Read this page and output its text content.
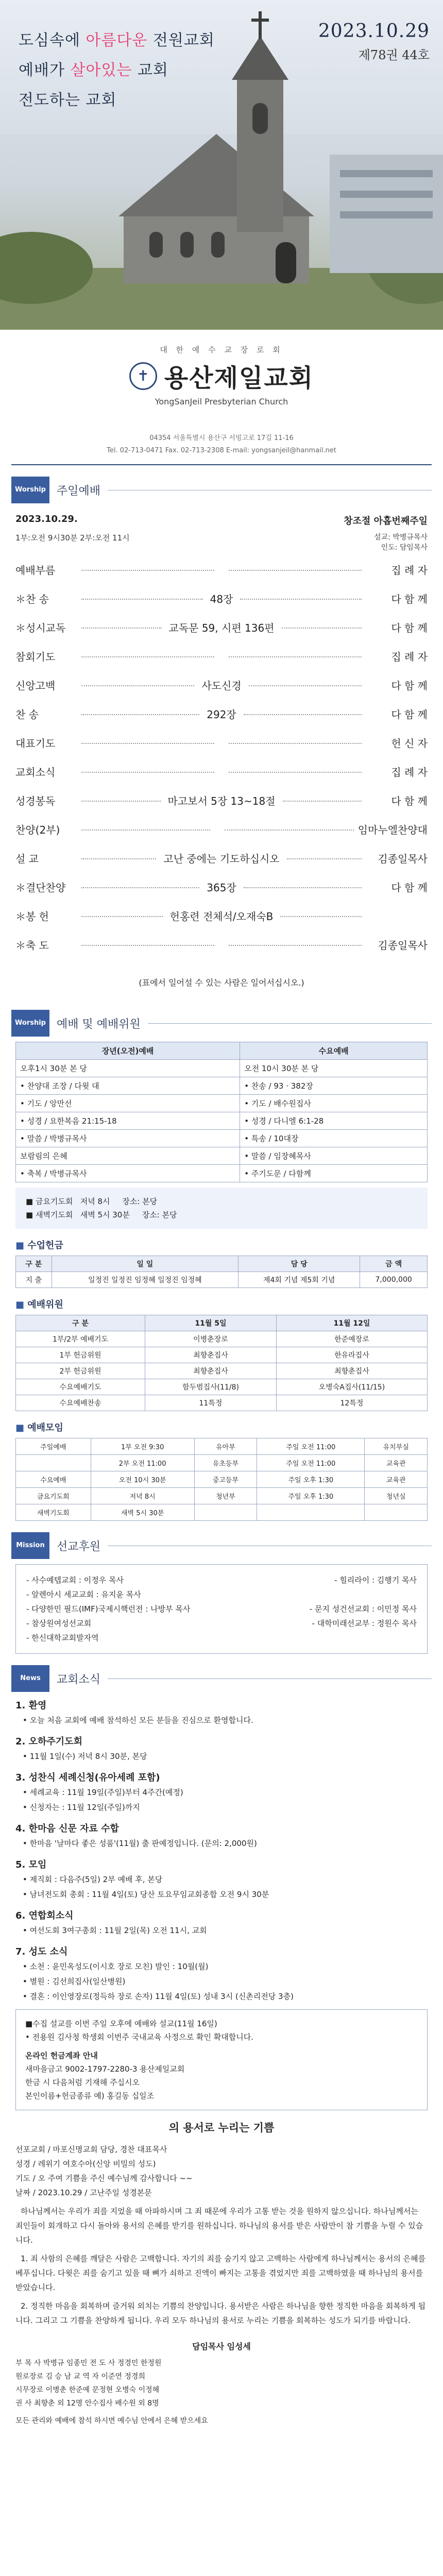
도심속에 아름다운 전원교회
예배가 살아있는 교회
전도하는 교회
2023.10.29
제78권 44호
대 한 예 수 교 장 로 회
✝ 용산제일교회
YongSanJeil Presbyterian Church
04354 서울특별시 용산구 서빙고로 17길 11-16
Tel. 02-713-0471 Fax. 02-713-2308 E-mail: yongsanjeil@hanmail.net
Worship 주일예배
2023.10.29.	창조절 아홉번째주일
1부:오전 9시30분 2부:오전 11시	설교: 박병규목사
인도: 담임목사
예배부름	집 례 자
＊찬 송	48장	다 함 께
＊성시교독	교독문 59, 시편 136편	다 함 께
참회기도	집 례 자
신앙고백	사도신경	다 함 께
찬 송	292장	다 함 께
대표기도	헌 신 자
교회소식	집 례 자
성경봉독	마고보서 5장 13~18절	다 함 께
찬양(2부)	임마누엘찬양대
설 교	고난 중에는 기도하십시오	김종일목사
＊결단찬양	365장	다 함 께
＊봉 헌	헌홍련 전체석/오재숙B
＊축 도	김종일목사
(표에서 일어설 수 있는 사람은 일어서십시오.)
Worship 예배 및 예배위원
장년(오전)예배	수요예배
오후1시 30분 본 당	오전 10시 30분 본 당
• 찬양대 조장 / 다윗 대	• 찬송 / 93 · 382장
• 기도 / 앙만선	• 기도 / 배수원집사
• 성경 / 요한복음 21:15-18	• 성경 / 다니엘 6:1-28
• 말씀 / 박병규목사	• 특송 / 10대장
보람림의 은혜	• 말씀 / 임장혜목사
• 축복 / 박병규목사	• 주기도문 / 다함께
■ 금요기도회 저녁 8시 장소: 본당
■ 새벽기도회 새벽 5시 30분 장소: 본당
■ 수업헌금
구 분	일 일	담 당	금 액
지 출	일정진 일정진 임정혜 일정진 임정혜	제4회 기념 제5회 기념	7,000,000
■ 예배위원
구 분	11월 5일	11월 12일
1부/2부 예배기도	이병춘장로	한준예장로
1부 헌금위원	최향춘집사	한유라집사
2부 헌금위원	최향춘집사	최향춘집사
수요예배기도	함두범집사(11/8)	오병숙A집사(11/15)
수요예배찬송	11특정	12특정
■ 예배모임
주일예배	1부 오전 9:30	유아부	주일 오전 11:00	유치부실
	2부 오전 11:00	유초등부	주일 오전 11:00	교육관
수요예배	오전 10시 30분	중고등부	주일 오후 1:30	교육관
금요기도회	저녁 8시	청년부	주일 오후 1:30	청년실
새벽기도회	새벽 5시 30분			
Mission 선교후원
- 사수예텝교회 : 이정우 목사	- 힐리라이 : 김행기 목사
- 알렌아시 세교교회 : 유지윤 목사
- 다양한민 필드(IMF)국제시핵런전 : 나방부 목사	- 문지 성건선교회 : 이민정 목사
- 참상원여성선교회	- 대학미래선교부 : 정원수 목사
- 한신대학교회발자역
News 교회소식
1. 환영
• 오늘 처음 교회에 예배 참석하신 모든 분들을 진심으로 환영합니다.
2. 오하주기도회
• 11월 1일(수) 저녁 8시 30분, 본당
3. 성찬식 세례신청(유아세례 포함)
• 세례교육 : 11월 19일(주일)부터 4주간(예정)
• 신청자는 : 11월 12일(주일)까지
4. 한마음 신문 자료 수합
• 한마음 '날마다 좋은 성품'(11월) 출 판예정입니다. (문의: 2,000원)
5. 모임
• 제직회 : 다음주(5일) 2부 예배 후, 본당
• 남녀전도회 총회 : 11월 4일(토) 당산 토요무임교회종합 오전 9시 30분
6. 연합회소식
• 여선도회 3여구총회 : 11월 2일(목) 오전 11시, 교회
7. 성도 소식
• 소천 : 윤민옥성도(이시호 장로 모친) 발인 : 10월(월)
• 별원 : 김선희집사(일산병원)
• 결혼 : 이인영장로(정득하 장로 손자) 11월 4일(토) 성내 3시 (신촌리전당 3층)
■수집 설교를 이번 주일 오후에 예배와 설교(11월 16일)
• 전용원 김사청 학생회 이번주 국내교육 사정으로 확인 확대합니다.
온라인 헌금계좌 안내
새마을금고 9002-1797-2280-3 용산제일교회
한금 시 다음처럼 기재해 주십시오
본인이름+헌금종류 예) 홍길동 십일조
의 용서로 누리는 기쁨
선포교회 / 마포신명교회 담당, 경찬 대표목사
성경 / 레위기 여호수아(신앙 비밀의 성도)
기도 / 오 주여 기쁨을 주신 예수님께 감사합니다 ~~
날짜 / 2023.10.29 / 고난주일 성경본문

하나님께서는 우리가 죄를 지었을 때 아파하시며 그 죄 때문에 우리가 고통 받는 것을 원하지 않으십니다. 하나님께서는 죄인들이 회개하고 다시 돌아와 용서의 은혜를 받기를 원하십니다. 하나님의 용서를 받은 사람만이 참 기쁨을 누릴 수 있습니다.

1. 죄 사함의 은혜를 깨달은 사람은 고백합니다. 자기의 죄를 숨기지 않고 고백하는 사람에게 하나님께서는 용서의 은혜를 베푸십니다. 다윗은 죄를 숨기고 있을 때 뼈가 쇠하고 진액이 빠지는 고통을 겪었지만 죄를 고백하였을 때 하나님의 용서를 받았습니다.

2. 정직한 마음을 회복하며 즐거워 외치는 기쁨의 찬양입니다. 용서받은 사람은 하나님을 향한 정직한 마음을 회복하게 됩니다. 그리고 그 기쁨을 찬양하게 됩니다. 우리 모두 하나님의 용서로 누리는 기쁨을 회복하는 성도가 되기를 바랍니다.

담임목사 임성세
부 목 사 박병규 임종민 전 도 사 정경민 한정원
원로장로 김 승 남 교 역 자 이준연 정경희
시무장로 이병춘 한준예 문정현 오병숙 이정혜
권 사 최향춘 외 12명 안수집사 배수원 외 8명
모든 관리와 예배에 참석 하시면 예수님 안에서 은혜 받으세요
